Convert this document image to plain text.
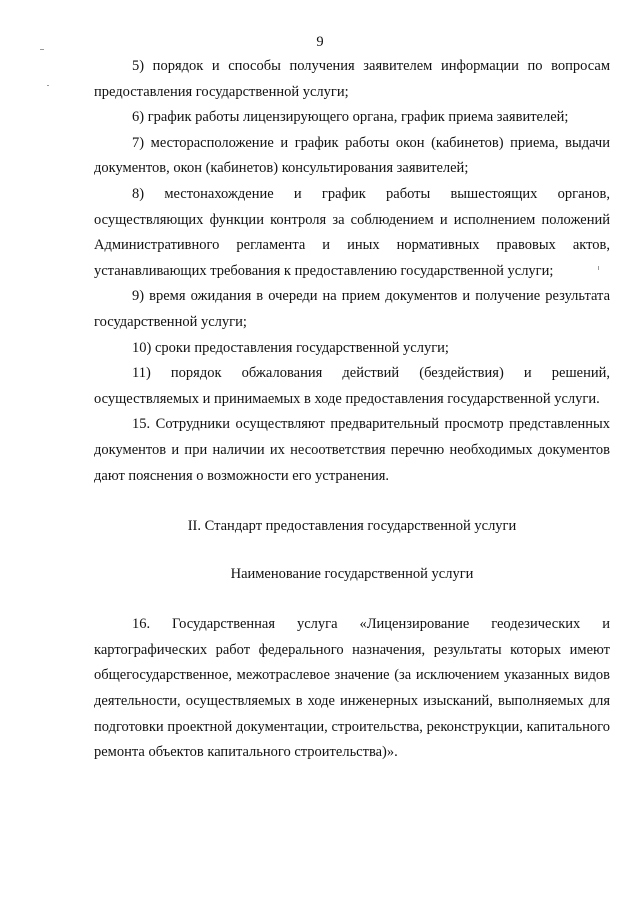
9

5) порядок и способы получения заявителем информации по вопросам предоставления государственной услуги;

6) график работы лицензирующего органа, график приема заявителей;

7) месторасположение и график работы окон (кабинетов) приема, выдачи документов, окон (кабинетов) консультирования заявителей;

8) местонахождение и график работы вышестоящих органов, осуществляющих функции контроля за соблюдением и исполнением положений Административного регламента и иных нормативных правовых актов, устанавливающих требования к предоставлению государственной услуги;

9) время ожидания в очереди на прием документов и получение результата государственной услуги;

10) сроки предоставления государственной услуги;

11) порядок обжалования действий (бездействия) и решений, осуществляемых и принимаемых в ходе предоставления государственной услуги.

15. Сотрудники осуществляют предварительный просмотр представленных документов и при наличии их несоответствия перечню необходимых документов дают пояснения о возможности его устранения.

II. Стандарт предоставления государственной услуги

Наименование государственной услуги

16. Государственная услуга «Лицензирование геодезических и картографических работ федерального назначения, результаты которых имеют общегосударственное, межотраслевое значение (за исключением указанных видов деятельности, осуществляемых в ходе инженерных изысканий, выполняемых для подготовки проектной документации, строительства, реконструкции, капитального ремонта объектов капитального строительства)».
